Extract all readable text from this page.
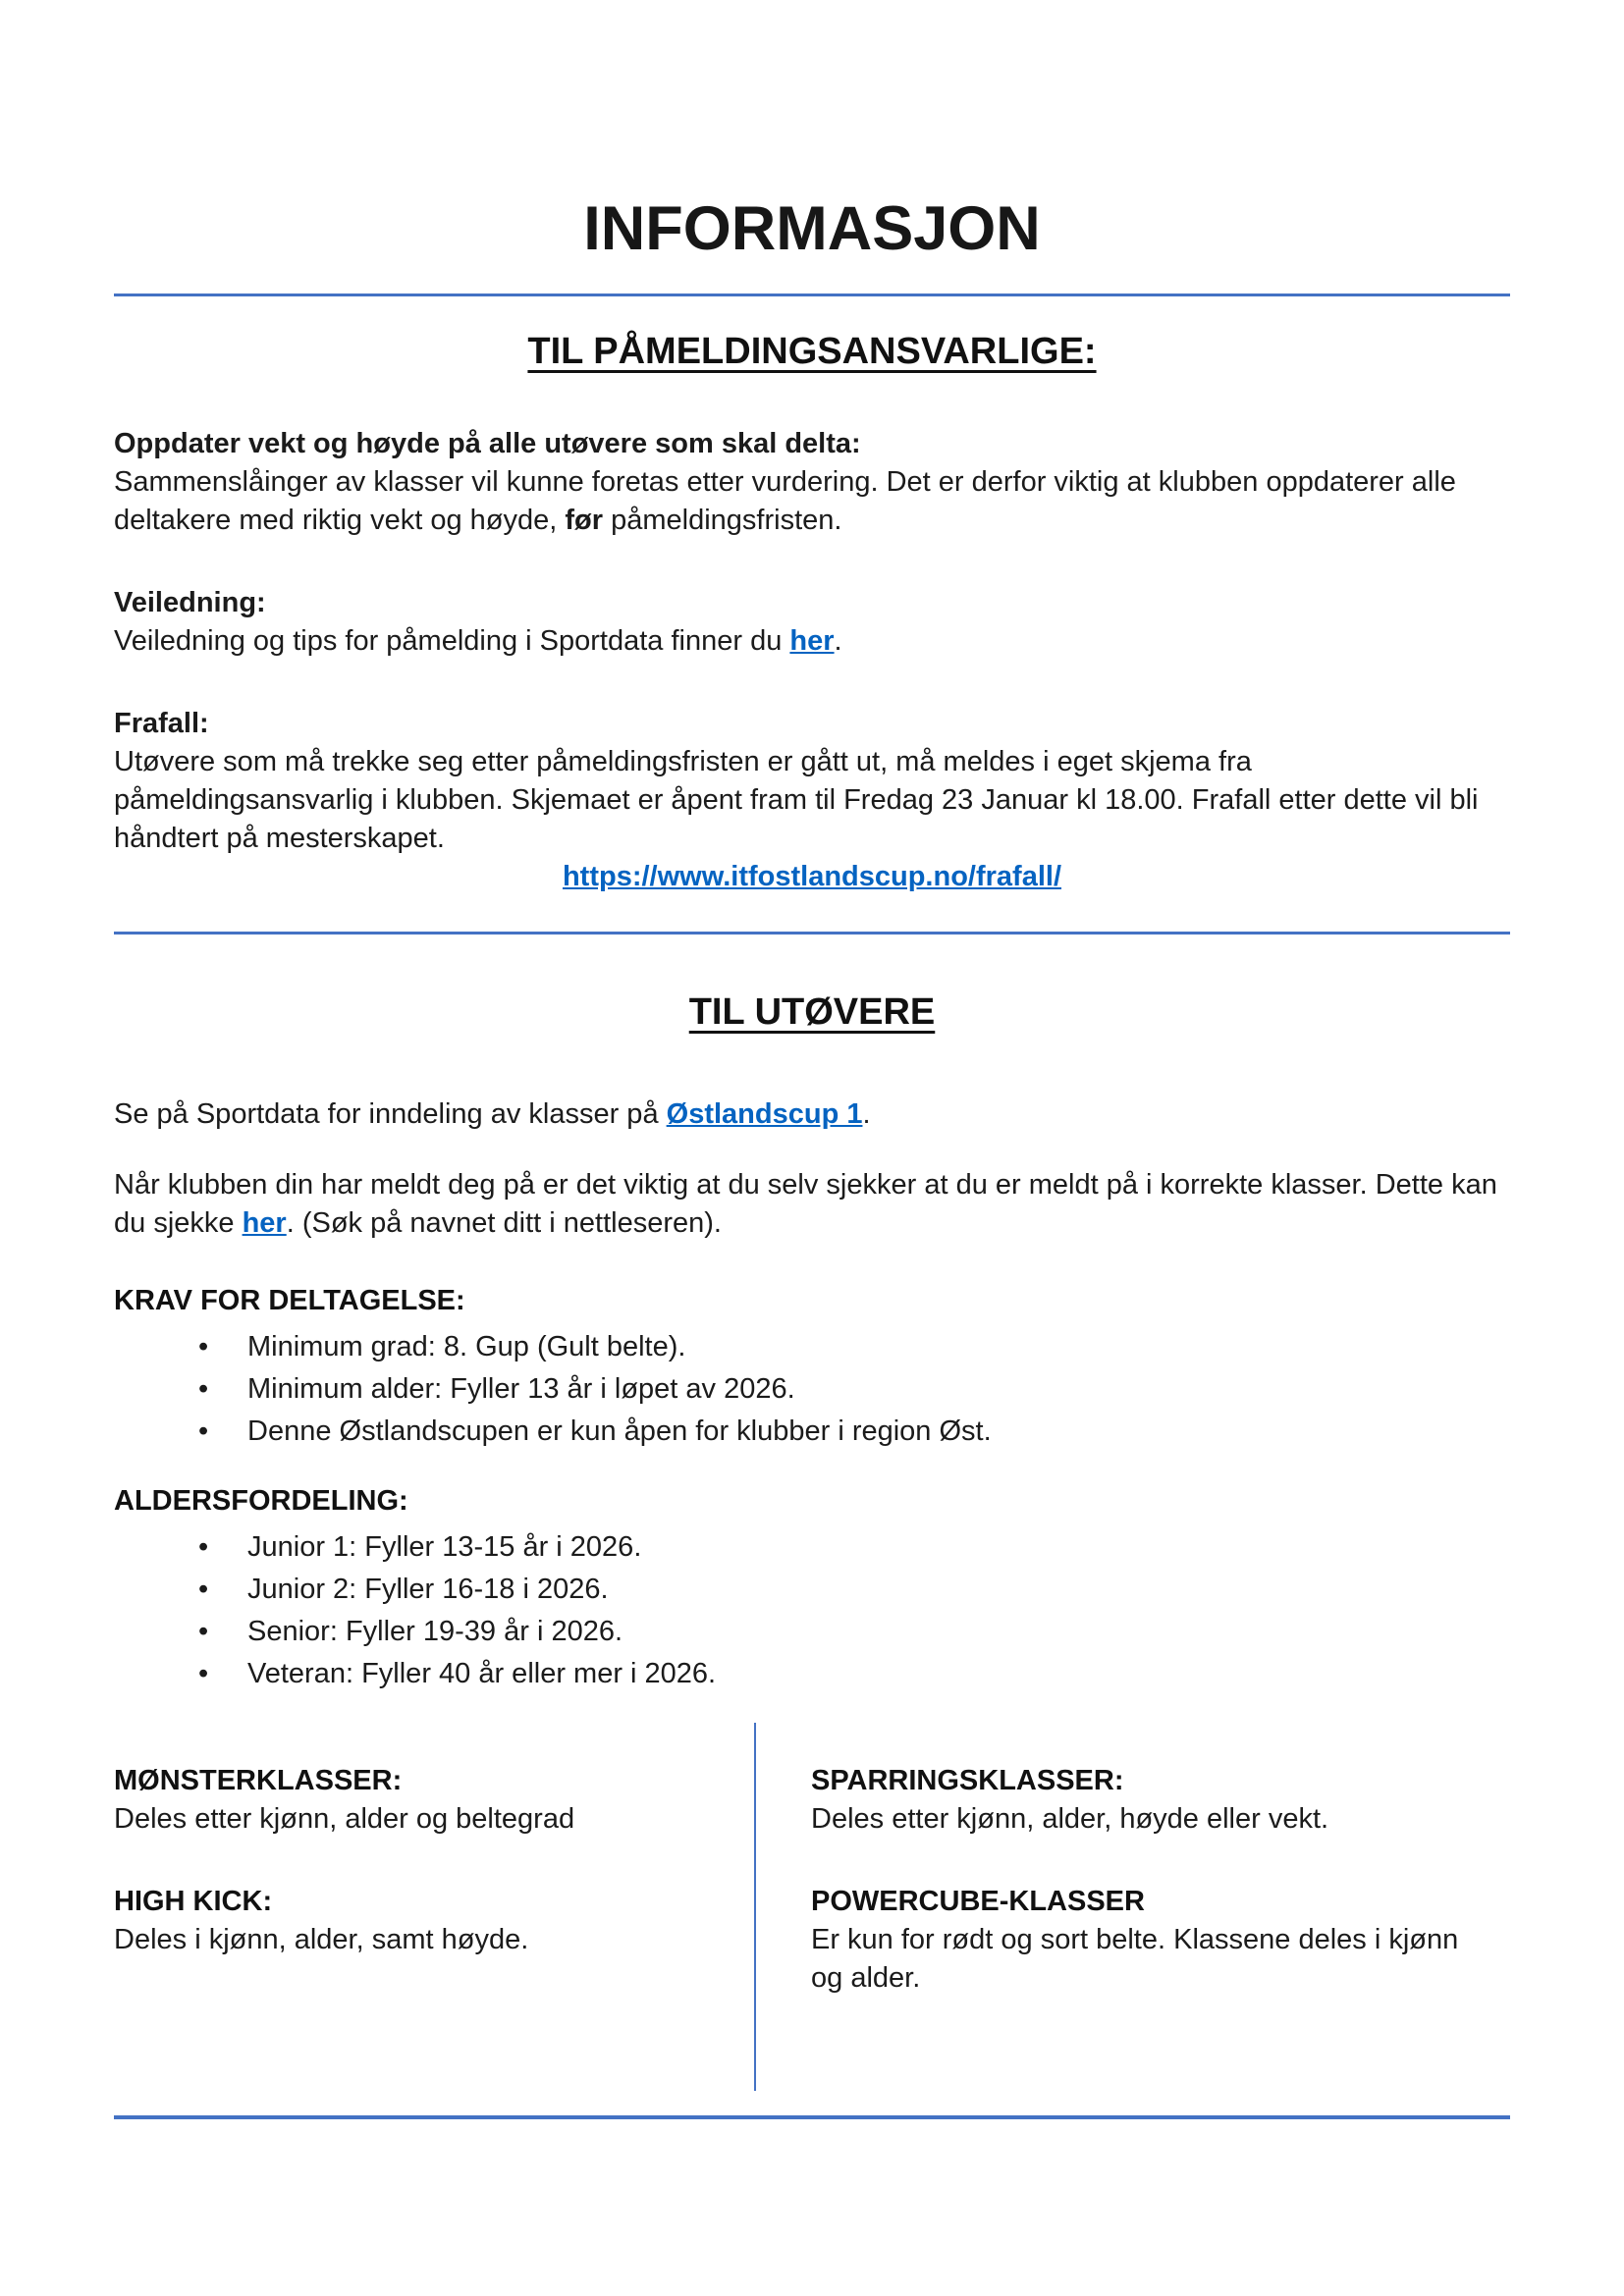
INFORMASJON
TIL PÅMELDINGSANSVARLIGE:

Oppdater vekt og høyde på alle utøvere som skal delta:
Sammenslåinger av klasser vil kunne foretas etter vurdering. Det er derfor viktig at klubben oppdaterer alle deltakere med riktig vekt og høyde, før påmeldingsfristen.

Veiledning:
Veiledning og tips for påmelding i Sportdata finner du her.

Frafall:
Utøvere som må trekke seg etter påmeldingsfristen er gått ut, må meldes i eget skjema fra påmeldingsansvarlig i klubben. Skjemaet er åpent fram til Fredag 23 Januar kl 18.00. Frafall etter dette vil bli håndtert på mesterskapet.

https://www.itfostlandscup.no/frafall/

TIL UTØVERE

Se på Sportdata for inndeling av klasser på Østlandscup 1.

Når klubben din har meldt deg på er det viktig at du selv sjekker at du er meldt på i korrekte klasser. Dette kan du sjekke her. (Søk på navnet ditt i nettleseren).

KRAV FOR DELTAGELSE:

• Minimum grad: 8. Gup (Gult belte).
• Minimum alder: Fyller 13 år i løpet av 2026.
• Denne Østlandscupen er kun åpen for klubber i region Øst.

ALDERSFORDELING:

• Junior 1: Fyller 13-15 år i 2026.
• Junior 2: Fyller 16-18 i 2026.
• Senior: Fyller 19-39 år i 2026.
• Veteran: Fyller 40 år eller mer i 2026.

MØNSTERKLASSER:
Deles etter kjønn, alder og beltegrad

HIGH KICK:
Deles i kjønn, alder, samt høyde.

SPARRINGSKLASSER:
Deles etter kjønn, alder, høyde eller vekt.

POWERCUBE-KLASSER
Er kun for rødt og sort belte. Klassene deles i kjønn og alder.
